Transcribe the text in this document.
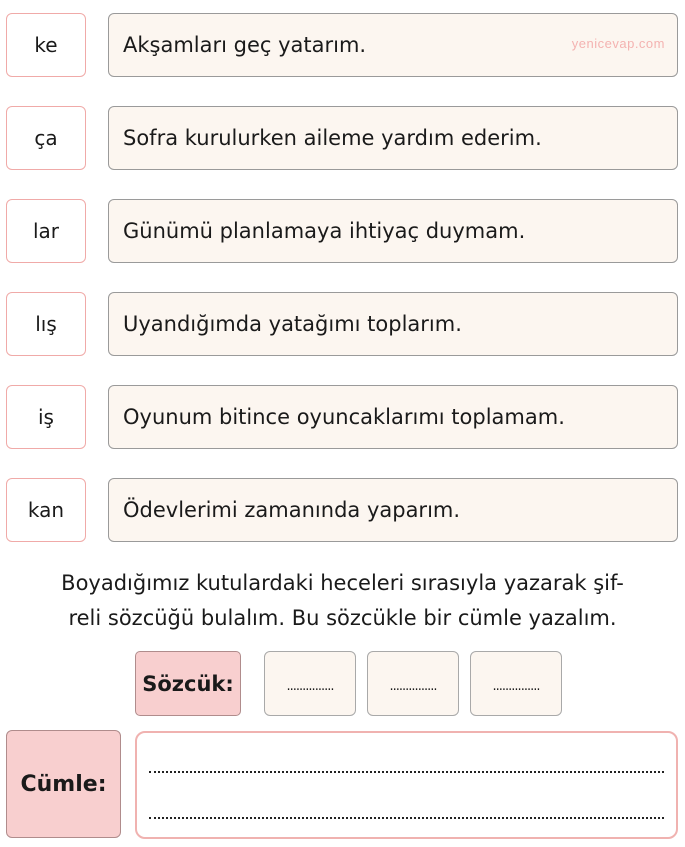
ke	Akşamları geç yatarım.	yenicevap.com
ça	Sofra kurulurken aileme yardım ederim.
lar	Günümü planlamaya ihtiyaç duymam.
lış	Uyandığımda yatağımı toplarım.
iş	Oyunum bitince oyuncaklarımı toplamam.
kan	Ödevlerimi zamanında yaparım.
Boyadığımız kutulardaki heceleri sırasıyla yazarak şif-
reli sözcüğü bulalım. Bu sözcükle bir cümle yazalım.
Sözcük:	...............	...............	...............
Cümle:
